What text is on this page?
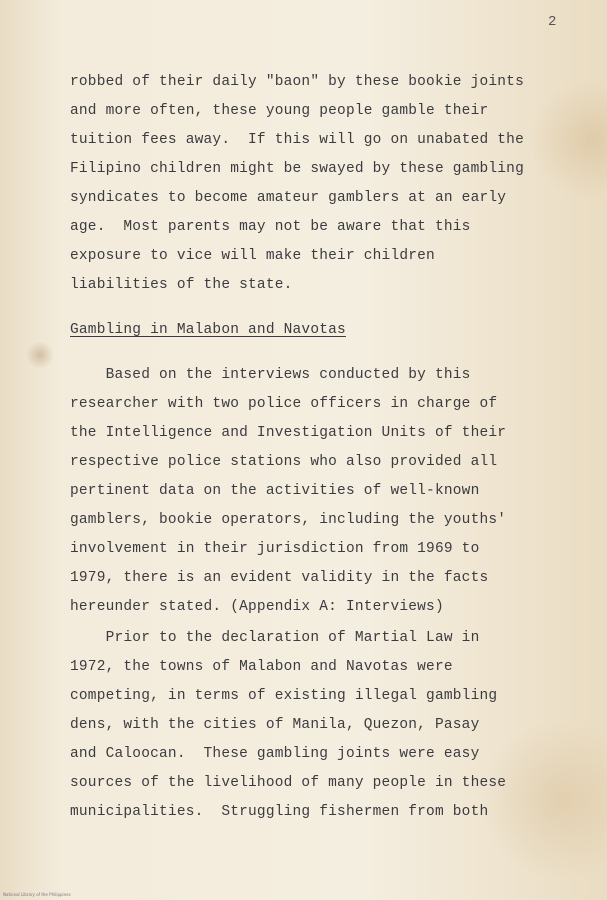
2
robbed of their daily "baon" by these bookie joints
and more often, these young people gamble their
tuition fees away.  If this will go on unabated the
Filipino children might be swayed by these gambling
syndicates to become amateur gamblers at an early
age.  Most parents may not be aware that this
exposure to vice will make their children
liabilities of the state.
Gambling in Malabon and Navotas
Based on the interviews conducted by this
researcher with two police officers in charge of
the Intelligence and Investigation Units of their
respective police stations who also provided all
pertinent data on the activities of well-known
gamblers, bookie operators, including the youths'
involvement in their jurisdiction from 1969 to
1979, there is an evident validity in the facts
hereunder stated. (Appendix A: Interviews)
Prior to the declaration of Martial Law in
1972, the towns of Malabon and Navotas were
competing, in terms of existing illegal gambling
dens, with the cities of Manila, Quezon, Pasay
and Caloocan.  These gambling joints were easy
sources of the livelihood of many people in these
municipalities.  Struggling fishermen from both
National Library of the Philippines
